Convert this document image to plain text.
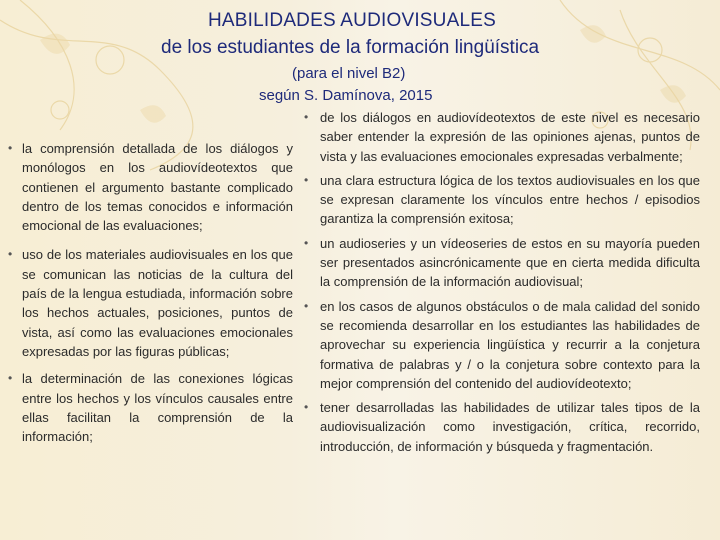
HABILIDADES AUDIOVISUALES
de los estudiantes de la formación lingüística
(para el nivel B2)
según S. Damínova, 2015
• la comprensión detallada de los diálogos y monólogos en los audiovídeotextos que contienen el argumento bastante complicado dentro de los temas conocidos e información emocional de las evaluaciones;
• uso de los materiales audiovisuales en los que se comunican las noticias de la cultura del país de la lengua estudiada, información sobre los hechos actuales, posiciones, puntos de vista, así como las evaluaciones emocionales expresadas por las figuras públicas;
• la determinación de las conexiones lógicas entre los hechos y los vínculos causales entre ellas facilitan la comprensión de la información;
• de los diálogos en audiovídeotextos de este nivel es necesario saber entender la expresión de las opiniones ajenas, puntos de vista y las evaluaciones emocionales expresadas verbalmente;
• una clara estructura lógica de los textos audiovisuales en los que se expresan claramente los vínculos entre hechos / episodios garantiza la comprensión exitosa;
• un audioseries y un vídeoseries de estos en su mayoría pueden ser presentados asincrónicamente que en cierta medida dificulta la comprensión de la información audiovisual;
• en los casos de algunos obstáculos o de mala calidad del sonido se recomienda desarrollar en los estudiantes las habilidades de aprovechar su experiencia lingüística y recurrir a la conjetura formativa de palabras y / o la conjetura sobre contexto para la mejor comprensión del contenido del audiovídeotexto;
• tener desarrolladas las habilidades de utilizar tales tipos de la audiovisualización como investigación, crítica, recorrido, introducción, de información y búsqueda y fragmentación.
